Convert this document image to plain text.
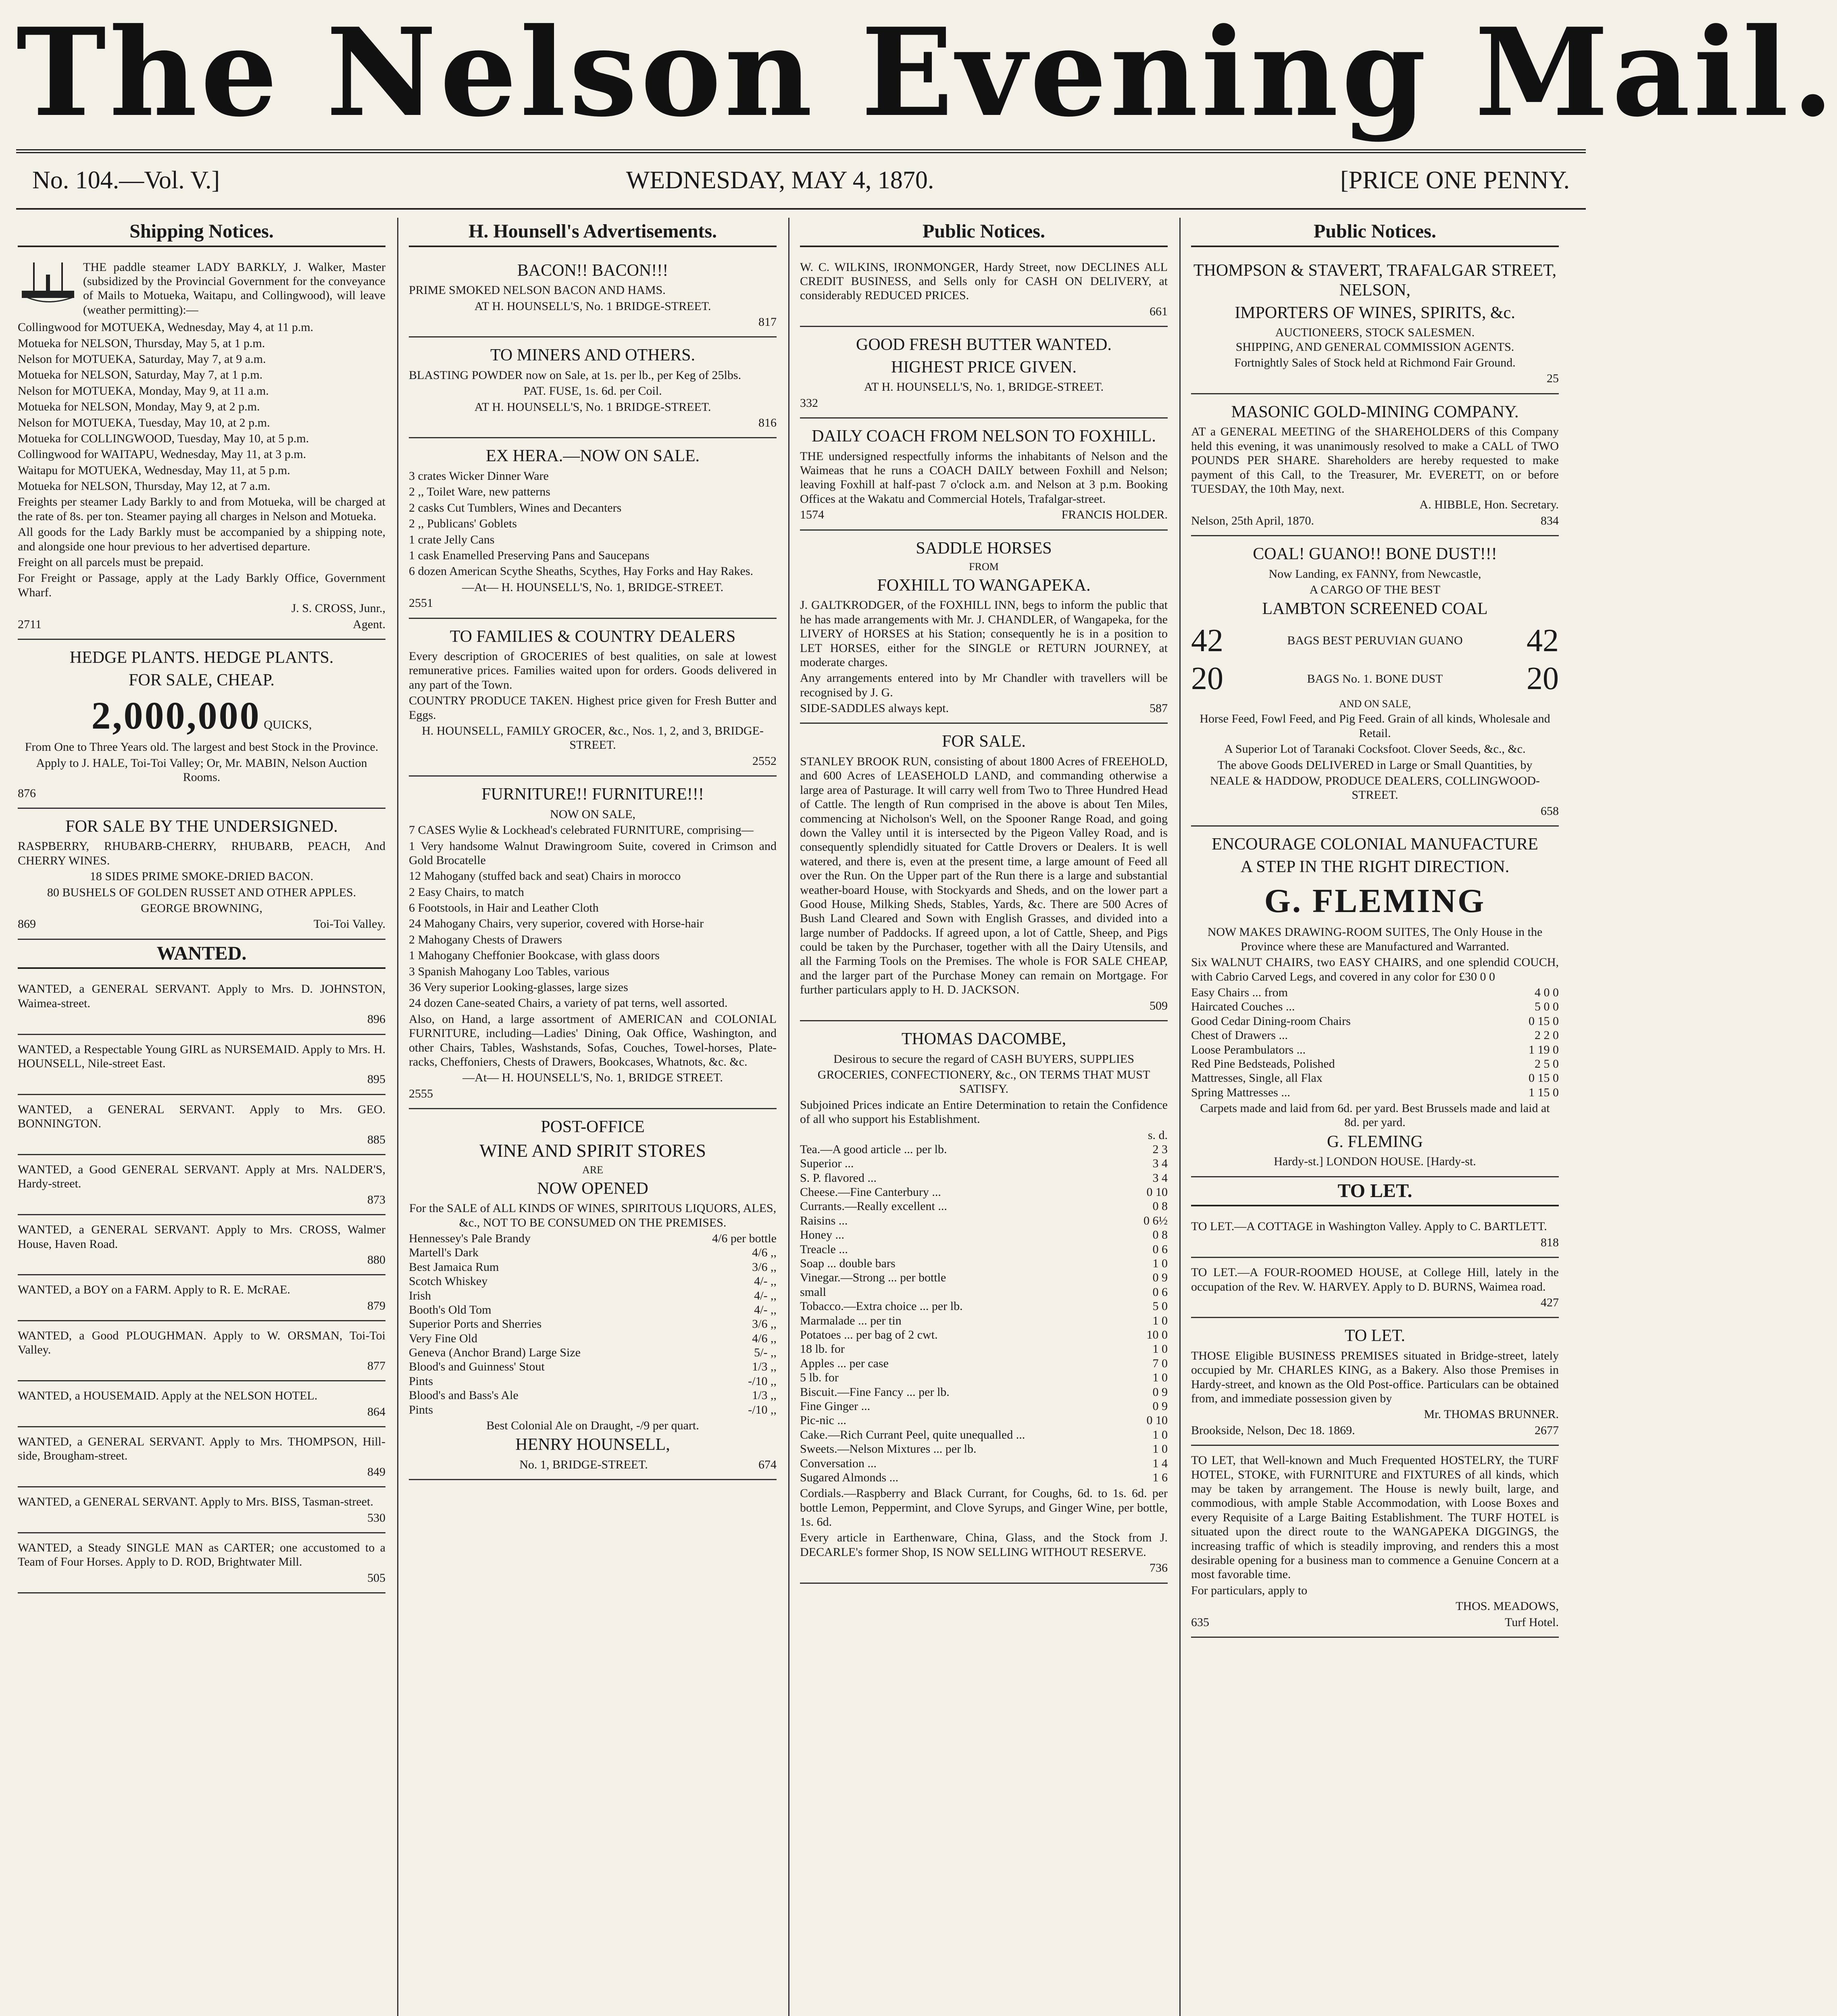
The Nelson Evening Mail.
No. 104.—Vol. V.]	WEDNESDAY, MAY 4, 1870.	[PRICE ONE PENNY.
Shipping Notices.

THE paddle steamer LADY BARKLY, J. Walker, Master (subsidized by the Provincial Government for the conveyance of Mails to Motueka, Waitapu, and Collingwood), will leave (weather permitting):—

Collingwood for MOTUEKA, Wednesday, May 4, at 11 p.m.

Motueka for NELSON, Thursday, May 5, at 1 p.m.

Nelson for MOTUEKA, Saturday, May 7, at 9 a.m.

Motueka for NELSON, Saturday, May 7, at 1 p.m.

Nelson for MOTUEKA, Monday, May 9, at 11 a.m.

Motueka for NELSON, Monday, May 9, at 2 p.m.

Nelson for MOTUEKA, Tuesday, May 10, at 2 p.m.

Motueka for COLLINGWOOD, Tuesday, May 10, at 5 p.m.

Collingwood for WAITAPU, Wednesday, May 11, at 3 p.m.

Waitapu for MOTUEKA, Wednesday, May 11, at 5 p.m.

Motueka for NELSON, Thursday, May 12, at 7 a.m.

Freights per steamer Lady Barkly to and from Motueka, will be charged at the rate of 8s. per ton. Steamer paying all charges in Nelson and Motueka.

All goods for the Lady Barkly must be accompanied by a shipping note, and alongside one hour previous to her advertised departure.

Freight on all parcels must be prepaid.

For Freight or Passage, apply at the Lady Barkly Office, Government Wharf.

J. S. CROSS, Junr.,

2711	Agent.
HEDGE PLANTS. HEDGE PLANTS.
FOR SALE, CHEAP.
2,000,000 QUICKS,

From One to Three Years old. The largest and best Stock in the Province.

Apply to J. HALE, Toi-Toi Valley; Or, Mr. MABIN, Nelson Auction Rooms.

876
FOR SALE BY THE UNDERSIGNED.

RASPBERRY, RHUBARB-CHERRY, RHUBARB, PEACH, And CHERRY WINES.

18 SIDES PRIME SMOKE-DRIED BACON.

80 BUSHELS OF GOLDEN RUSSET AND OTHER APPLES.

GEORGE BROWNING,

869	Toi-Toi Valley.
WANTED.

WANTED, a GENERAL SERVANT. Apply to Mrs. D. JOHNSTON, Waimea-street.

896

WANTED, a Respectable Young GIRL as NURSEMAID. Apply to Mrs. H. HOUNSELL, Nile-street East.

895

WANTED, a GENERAL SERVANT. Apply to Mrs. GEO. BONNINGTON.

885

WANTED, a Good GENERAL SERVANT. Apply at Mrs. NALDER'S, Hardy-street.

873

WANTED, a GENERAL SERVANT. Apply to Mrs. CROSS, Walmer House, Haven Road.

880

WANTED, a BOY on a FARM. Apply to R. E. McRAE.

879

WANTED, a Good PLOUGHMAN. Apply to W. ORSMAN, Toi-Toi Valley.

877

WANTED, a HOUSEMAID. Apply at the NELSON HOTEL.

864

WANTED, a GENERAL SERVANT. Apply to Mrs. THOMPSON, Hill-side, Brougham-street.

849

WANTED, a GENERAL SERVANT. Apply to Mrs. BISS, Tasman-street.

530

WANTED, a Steady SINGLE MAN as CARTER; one accustomed to a Team of Four Horses. Apply to D. ROD, Brightwater Mill.

505
H. Hounsell's Advertisements.
BACON!! BACON!!!

PRIME SMOKED NELSON BACON AND HAMS.

AT H. HOUNSELL'S, No. 1 BRIDGE-STREET.

817
TO MINERS AND OTHERS.

BLASTING POWDER now on Sale, at 1s. per lb., per Keg of 25lbs.

PAT. FUSE, 1s. 6d. per Coil.

AT H. HOUNSELL'S, No. 1 BRIDGE-STREET.

816
EX HERA.—NOW ON SALE.

3 crates Wicker Dinner Ware

2 ,, Toilet Ware, new patterns

2 casks Cut Tumblers, Wines and Decanters

2 ,, Publicans' Goblets

1 crate Jelly Cans

1 cask Enamelled Preserving Pans and Saucepans

6 dozen American Scythe Sheaths, Scythes, Hay Forks and Hay Rakes.

—At— H. HOUNSELL'S, No. 1, BRIDGE-STREET.

2551
TO FAMILIES & COUNTRY DEALERS

Every description of GROCERIES of best qualities, on sale at lowest remunerative prices. Families waited upon for orders. Goods delivered in any part of the Town.

COUNTRY PRODUCE TAKEN. Highest price given for Fresh Butter and Eggs.

H. HOUNSELL, FAMILY GROCER, &c., Nos. 1, 2, and 3, BRIDGE-STREET.

2552
FURNITURE!! FURNITURE!!!

NOW ON SALE,

7 CASES Wylie & Lockhead's celebrated FURNITURE, comprising—

1 Very handsome Walnut Drawingroom Suite, covered in Crimson and Gold Brocatelle

12 Mahogany (stuffed back and seat) Chairs in morocco

2 Easy Chairs, to match

6 Footstools, in Hair and Leather Cloth

24 Mahogany Chairs, very superior, covered with Horse-hair

2 Mahogany Chests of Drawers

1 Mahogany Cheffonier Bookcase, with glass doors

3 Spanish Mahogany Loo Tables, various

36 Very superior Looking-glasses, large sizes

24 dozen Cane-seated Chairs, a variety of pat terns, well assorted.

Also, on Hand, a large assortment of AMERICAN and COLONIAL FURNITURE, including—Ladies' Dining, Oak Office, Washington, and other Chairs, Tables, Washstands, Sofas, Couches, Towel-horses, Plate-racks, Cheffoniers, Chests of Drawers, Bookcases, Whatnots, &c. &c.

—At— H. HOUNSELL'S, No. 1, BRIDGE STREET.

2555
POST-OFFICE
WINE AND SPIRIT STORES
ARE
NOW OPENED

For the SALE of ALL KINDS OF WINES, SPIRITOUS LIQUORS, ALES, &c., NOT TO BE CONSUMED ON THE PREMISES.

Hennessey's Pale Brandy	4/6 per bottle
Martell's Dark	4/6 ,,
Best Jamaica Rum	3/6 ,,
Scotch Whiskey	4/- ,,
Irish	4/- ,,
Booth's Old Tom	4/- ,,
Superior Ports and Sherries	3/6 ,,
Very Fine Old	4/6 ,,
Geneva (Anchor Brand) Large Size	5/- ,,
Blood's and Guinness' Stout	1/3 ,,
Pints	-/10 ,,
Blood's and Bass's Ale	1/3 ,,
Pints	-/10 ,,

Best Colonial Ale on Draught, -/9 per quart.

HENRY HOUNSELL,
No. 1, BRIDGE-STREET.	674
Public Notices.

W. C. WILKINS, IRONMONGER, Hardy Street, now DECLINES ALL CREDIT BUSINESS, and Sells only for CASH ON DELIVERY, at considerably REDUCED PRICES.

661
GOOD FRESH BUTTER WANTED.
HIGHEST PRICE GIVEN.

AT H. HOUNSELL'S, No. 1, BRIDGE-STREET.

332
DAILY COACH FROM NELSON TO FOXHILL.

THE undersigned respectfully informs the inhabitants of Nelson and the Waimeas that he runs a COACH DAILY between Foxhill and Nelson; leaving Foxhill at half-past 7 o'clock a.m. and Nelson at 3 p.m. Booking Offices at the Wakatu and Commercial Hotels, Trafalgar-street.

1574	FRANCIS HOLDER.
SADDLE HORSES
FROM
FOXHILL TO WANGAPEKA.

J. GALTKRODGER, of the FOXHILL INN, begs to inform the public that he has made arrangements with Mr. J. CHANDLER, of Wangapeka, for the LIVERY of HORSES at his Station; consequently he is in a position to LET HORSES, either for the SINGLE or RETURN JOURNEY, at moderate charges.

Any arrangements entered into by Mr Chandler with travellers will be recognised by J. G.

SIDE-SADDLES always kept.	587
FOR SALE.

STANLEY BROOK RUN, consisting of about 1800 Acres of FREEHOLD, and 600 Acres of LEASEHOLD LAND, and commanding otherwise a large area of Pasturage. It will carry well from Two to Three Hundred Head of Cattle. The length of Run comprised in the above is about Ten Miles, commencing at Nicholson's Well, on the Spooner Range Road, and going down the Valley until it is intersected by the Pigeon Valley Road, and is consequently splendidly situated for Cattle Drovers or Dealers. It is well watered, and there is, even at the present time, a large amount of Feed all over the Run. On the Upper part of the Run there is a large and substantial weather-board House, with Stockyards and Sheds, and on the lower part a Good House, Milking Sheds, Stables, Yards, &c. There are 500 Acres of Bush Land Cleared and Sown with English Grasses, and divided into a large number of Paddocks. If agreed upon, a lot of Cattle, Sheep, and Pigs could be taken by the Purchaser, together with all the Dairy Utensils, and all the Farming Tools on the Premises. The whole is FOR SALE CHEAP, and the larger part of the Purchase Money can remain on Mortgage. For further particulars apply to H. D. JACKSON.

509
THOMAS DACOMBE,

Desirous to secure the regard of CASH BUYERS, SUPPLIES

GROCERIES, CONFECTIONERY, &c., ON TERMS THAT MUST SATISFY.

Subjoined Prices indicate an Entire Determination to retain the Confidence of all who support his Establishment.

s. d.
Tea.—A good article ... per lb.	2 3
Superior ...	3 4
S. P. flavored ...	3 4
Cheese.—Fine Canterbury ...	0 10
Currants.—Really excellent ...	0 8
Raisins ...	0 6½
Honey ...	0 8
Treacle ...	0 6
Soap ... double bars	1 0
Vinegar.—Strong ... per bottle	0 9
small	0 6
Tobacco.—Extra choice ... per lb.	5 0
Marmalade ... per tin	1 0
Potatoes ... per bag of 2 cwt.	10 0
18 lb. for	1 0
Apples ... per case	7 0
5 lb. for	1 0
Biscuit.—Fine Fancy ... per lb.	0 9
Fine Ginger ...	0 9
Pic-nic ...	0 10
Cake.—Rich Currant Peel, quite unequalled ...	1 0
Sweets.—Nelson Mixtures ... per lb.	1 0
Conversation ...	1 4
Sugared Almonds ...	1 6

Cordials.—Raspberry and Black Currant, for Coughs, 6d. to 1s. 6d. per bottle Lemon, Peppermint, and Clove Syrups, and Ginger Wine, per bottle, 1s. 6d.

Every article in Earthenware, China, Glass, and the Stock from J. DECARLE's former Shop, IS NOW SELLING WITHOUT RESERVE.

736
Public Notices.
THOMPSON & STAVERT, TRAFALGAR STREET, NELSON,
IMPORTERS OF WINES, SPIRITS, &c.
AUCTIONEERS, STOCK SALESMEN.
SHIPPING, AND GENERAL COMMISSION AGENTS.

Fortnightly Sales of Stock held at Richmond Fair Ground.

25
MASONIC GOLD-MINING COMPANY.

AT a GENERAL MEETING of the SHAREHOLDERS of this Company held this evening, it was unanimously resolved to make a CALL of TWO POUNDS PER SHARE. Shareholders are hereby requested to make payment of this Call, to the Treasurer, Mr. EVERETT, on or before TUESDAY, the 10th May, next.

A. HIBBLE, Hon. Secretary.

Nelson, 25th April, 1870.	834
COAL! GUANO!! BONE DUST!!!

Now Landing, ex FANNY, from Newcastle,

A CARGO OF THE BEST

LAMBTON SCREENED COAL
42	BAGS BEST PERUVIAN GUANO 42
20	BAGS No. 1. BONE DUST	20
AND ON SALE,

Horse Feed, Fowl Feed, and Pig Feed. Grain of all kinds, Wholesale and Retail.

A Superior Lot of Taranaki Cocksfoot. Clover Seeds, &c., &c.

The above Goods DELIVERED in Large or Small Quantities, by

NEALE & HADDOW, PRODUCE DEALERS, COLLINGWOOD-STREET.

658
ENCOURAGE COLONIAL MANUFACTURE
A STEP IN THE RIGHT DIRECTION.
G. FLEMING

NOW MAKES DRAWING-ROOM SUITES, The Only House in the Province where these are Manufactured and Warranted.

Six WALNUT CHAIRS, two EASY CHAIRS, and one splendid COUCH, with Cabrio Carved Legs, and covered in any color for £30 0 0

Easy Chairs ... from	4 0 0
Haircated Couches ...	5 0 0
Good Cedar Dining-room Chairs	0 15 0
Chest of Drawers ...	2 2 0
Loose Perambulators ...	1 19 0
Red Pine Bedsteads, Polished	2 5 0
Mattresses, Single, all Flax	0 15 0
Spring Mattresses ...	1 15 0

Carpets made and laid from 6d. per yard. Best Brussels made and laid at 8d. per yard.

G. FLEMING
Hardy-st.] LONDON HOUSE. [Hardy-st.
TO LET.

TO LET.—A COTTAGE in Washington Valley. Apply to C. BARTLETT.

818

TO LET.—A FOUR-ROOMED HOUSE, at College Hill, lately in the occupation of the Rev. W. HARVEY. Apply to D. BURNS, Waimea road.

427
TO LET.

THOSE Eligible BUSINESS PREMISES situated in Bridge-street, lately occupied by Mr. CHARLES KING, as a Bakery. Also those Premises in Hardy-street, and known as the Old Post-office. Particulars can be obtained from, and immediate possession given by

Mr. THOMAS BRUNNER.

Brookside, Nelson, Dec 18. 1869.	2677

TO LET, that Well-known and Much Frequented HOSTELRY, the TURF HOTEL, STOKE, with FURNITURE and FIXTURES of all kinds, which may be taken by arrangement. The House is newly built, large, and commodious, with ample Stable Accommodation, with Loose Boxes and every Requisite of a Large Baiting Establishment. The TURF HOTEL is situated upon the direct route to the WANGAPEKA DIGGINGS, the increasing traffic of which is steadily improving, and renders this a most desirable opening for a business man to commence a Genuine Concern at a most favorable time.

For particulars, apply to

THOS. MEADOWS,

635	Turf Hotel.
